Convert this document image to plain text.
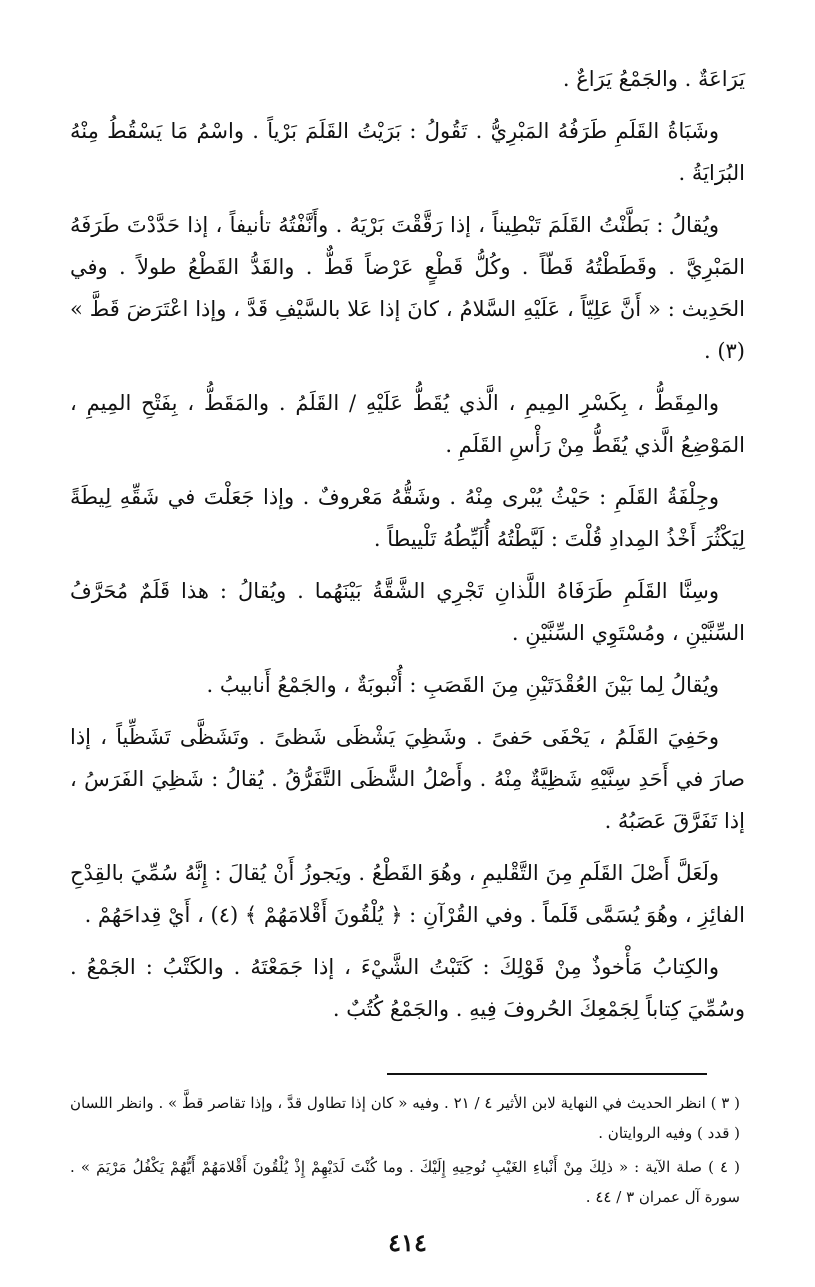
يَرَاعَةٌ . والجَمْعُ يَرَاعٌ .

وشَبَاةُ القَلَمِ طَرَفُهُ المَبْرِيُّ . تَقُولُ : بَرَيْتُ القَلَمَ بَرْياً . واسْمُ مَا يَسْقُطُ مِنْهُ البُرَايَةُ .

ويُقالُ : بَطَّنْتُ القَلَمَ تَبْطِيناً ، إذا رَقَّقْتَ بَرْيَهُ . وأَنَّفْتُهُ تأنيفاً ، إذا حَدَّدْتَ طَرَفَهُ المَبْرِيَّ . وقَطَطْتُهُ قَطّاً . وكُلُّ قَطْعٍ عَرْضاً قَطٌّ . والقَدُّ القَطْعُ طولاً . وفي الحَدِيث : « أَنَّ عَلِيّاً ، عَلَيْهِ السَّلامُ ، كانَ إذا عَلا بالسَّيْفِ قَدَّ ، وإذا اعْتَرَضَ قَطَّ » (٣) .

والمِقَطُّ ، بِكَسْرِ المِيمِ ، الَّذي يُقَطُّ عَلَيْهِ / القَلَمُ . والمَقَطُّ ، بِفَتْحِ المِيمِ ، المَوْضِعُ الَّذي يُقَطُّ مِنْ رَأْسِ القَلَمِ .

وجِلْفَةُ القَلَمِ : حَيْثُ يُبْرى مِنْهُ . وشَقُّهُ مَعْروفٌ . وإذا جَعَلْتَ في شَقِّهِ لِيطَةً لِيَكْثُرَ أَخْذُ المِدادِ قُلْتَ : لَيَّطْتُهُ أُلَيِّطُهُ تَلْييطاً .

وسِنَّا القَلَمِ طَرَفَاهُ اللَّذانِ تَجْرِي الشَّقَّةُ بَيْنَهُما . ويُقالُ : هذا قَلَمٌ مُحَرَّفُ السِّنَّيْنِ ، ومُسْتَوِي السِّنَّيْنِ .

ويُقالُ لِما بَيْنَ العُقْدَتَيْنِ مِنَ القَصَبِ : أُنْبوبَةٌ ، والجَمْعُ أَنابيبُ .

وحَفِيَ القَلَمُ ، يَحْفَى حَفىً . وشَظِيَ يَشْظَى شَظىً . وتَشَظَّى تَشَظِّياً ، إذا صارَ في أَحَدِ سِنَّيْهِ شَظِيَّةٌ مِنْهُ . وأَصْلُ الشَّظَى التَّفَرُّقُ . يُقالُ : شَظِيَ الفَرَسُ ، إذا تَفَرَّقَ عَصَبُهُ .

ولَعَلَّ أَصْلَ القَلَمِ مِنَ التَّقْليمِ ، وهُوَ القَطْعُ . ويَجوزُ أَنْ يُقالَ : إِنَّهُ سُمِّيَ بالقِدْحِ الفائِزِ ، وهُوَ يُسَمَّى قَلَماً . وفي القُرْآنِ : ﴿ يُلْقُونَ أَقْلامَهُمْ ﴾ (٤) ، أَيْ قِداحَهُمْ .

والكِتابُ مَأْخوذٌ مِنْ قَوْلِكَ : كَتَبْتُ الشَّيْءَ ، إذا جَمَعْتَهُ . والكَتْبُ : الجَمْعُ . وسُمِّيَ كِتاباً لِجَمْعِكَ الحُروفَ فِيهِ . والجَمْعُ كُتُبٌ .

( ٣ ) انظر الحديث في النهاية لابن الأثير ٤ / ٢١ . وفيه « كان إذا تطاول قدَّ ، وإذا تقاصر قطَّ » . وانظر اللسان ( قدد ) وفيه الروايتان .

( ٤ ) صلة الآية : « ذلِكَ مِنْ أَنْباءِ الغَيْبِ نُوحِيهِ إِلَيْكَ . وما كُنْتَ لَدَيْهِمْ إِذْ يُلْقُونَ أَقْلامَهُمْ أَيُّهُمْ يَكْفُلُ مَرْيَمَ » . سورة آل عمران ٣ / ٤٤ .

٤١٤
